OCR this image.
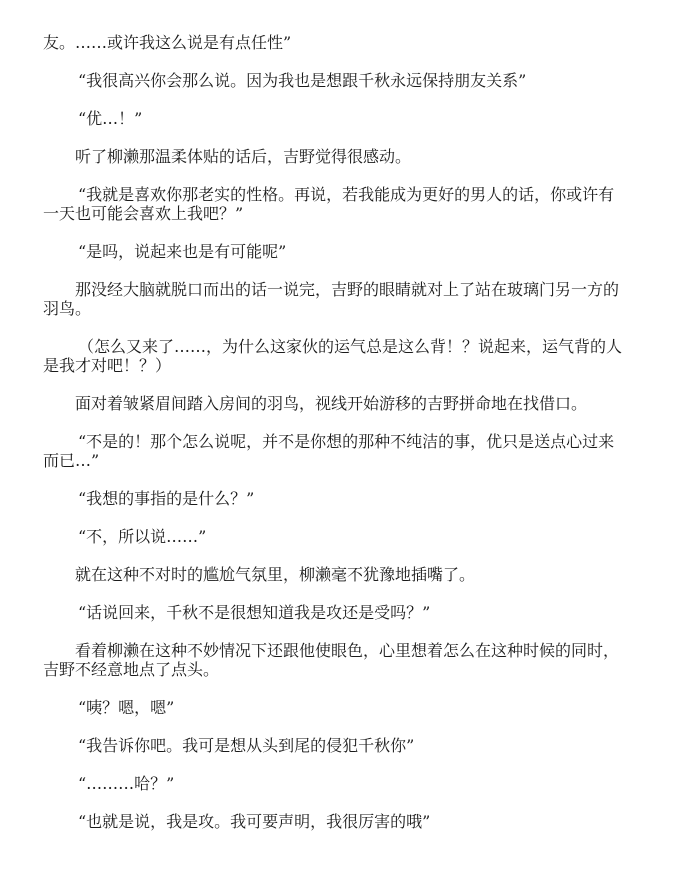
友。……或许我这么说是有点任性”
“我很高兴你会那么说。因为我也是想跟千秋永远保持朋友关系”
“优…！”
听了柳濑那温柔体贴的话后，吉野觉得很感动。
“我就是喜欢你那老实的性格。再说，若我能成为更好的男人的话，你或许有
一天也可能会喜欢上我吧？”
“是吗，说起来也是有可能呢”
那没经大脑就脱口而出的话一说完，吉野的眼睛就对上了站在玻璃门另一方的
羽鸟。
（怎么又来了……，为什么这家伙的运气总是这么背！？说起来，运气背的人
是我才对吧！？）
面对着皱紧眉间踏入房间的羽鸟，视线开始游移的吉野拼命地在找借口。
“不是的！那个怎么说呢，并不是你想的那种不纯洁的事，优只是送点心过来
而已…”
“我想的事指的是什么？”
“不，所以说……”
就在这种不对时的尴尬气氛里，柳濑毫不犹豫地插嘴了。
“话说回来，千秋不是很想知道我是攻还是受吗？”
看着柳濑在这种不妙情况下还跟他使眼色，心里想着怎么在这种时候的同时，
吉野不经意地点了点头。
“咦？嗯，嗯”
“我告诉你吧。我可是想从头到尾的侵犯千秋你”
“………哈？”
“也就是说，我是攻。我可要声明，我很厉害的哦”
